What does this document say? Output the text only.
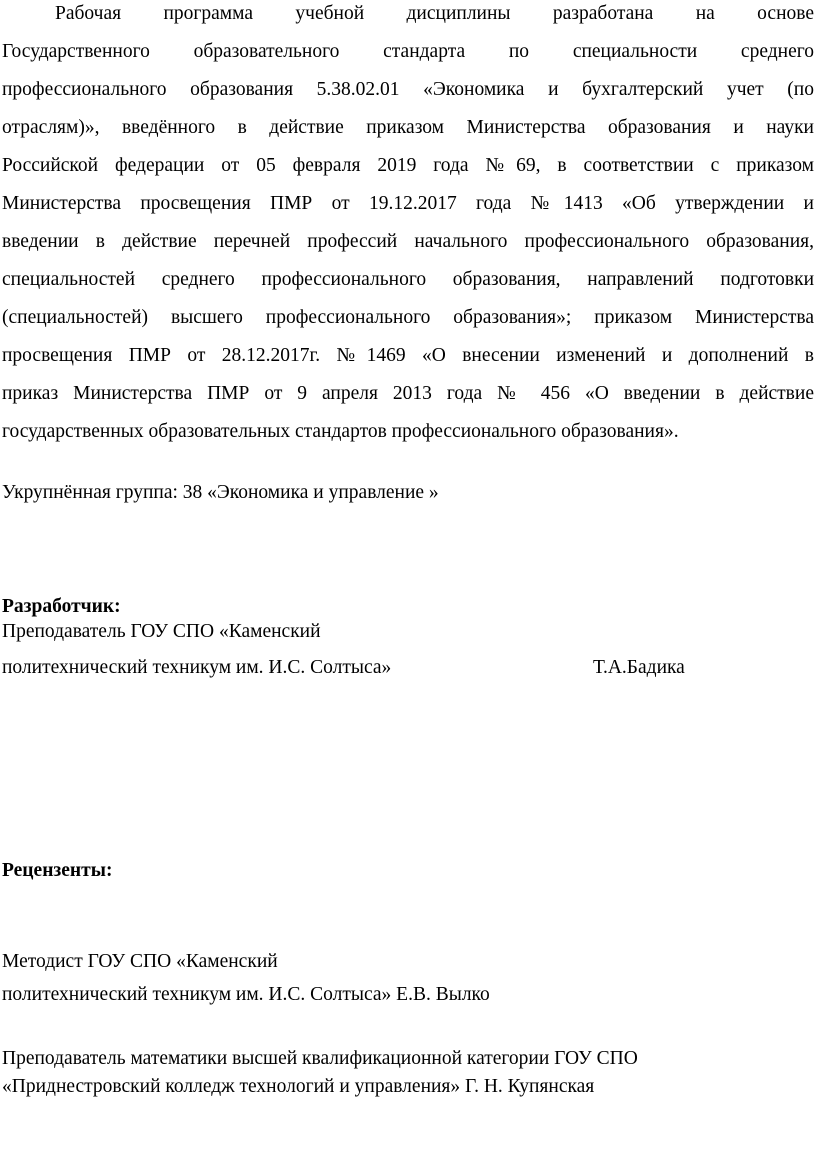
Рабочая программа учебной дисциплины разработана на основе
Государственного образовательного стандарта по специальности среднего
профессионального образования 5.38.02.01 «Экономика и бухгалтерский учет (по
отраслям)», введённого в действие приказом Министерства образования и науки
Российской федерации от 05 февраля 2019 года №69, в соответствии с приказом
Министерства просвещения ПМР от 19.12.2017 года №1413 «Об утверждении и
введении в действие перечней профессий начального профессионального образования,
специальностей среднего профессионального образования, направлений подготовки
(специальностей) высшего профессионального образования»; приказом Министерства
просвещения ПМР от 28.12.2017г. №1469 «О внесении изменений и дополнений в
приказ Министерства ПМР от 9 апреля 2013 года № 456 «О введении в действие
государственных образовательных стандартов профессионального образования».

Укрупнённая группа: 38 «Экономика и управление »

Разработчик:

Преподаватель ГОУ СПО «Каменский

политехнический техникум им. И.С. Солтыса»	Т.А.Бадика

Рецензенты:

Методист ГОУ СПО «Каменский

политехнический техникум им. И.С. Солтыса» Е.В. Вылко

Преподаватель математики высшей квалификационной категории ГОУ СПО

«Приднестровский колледж технологий и управления» Г. Н. Купянская
